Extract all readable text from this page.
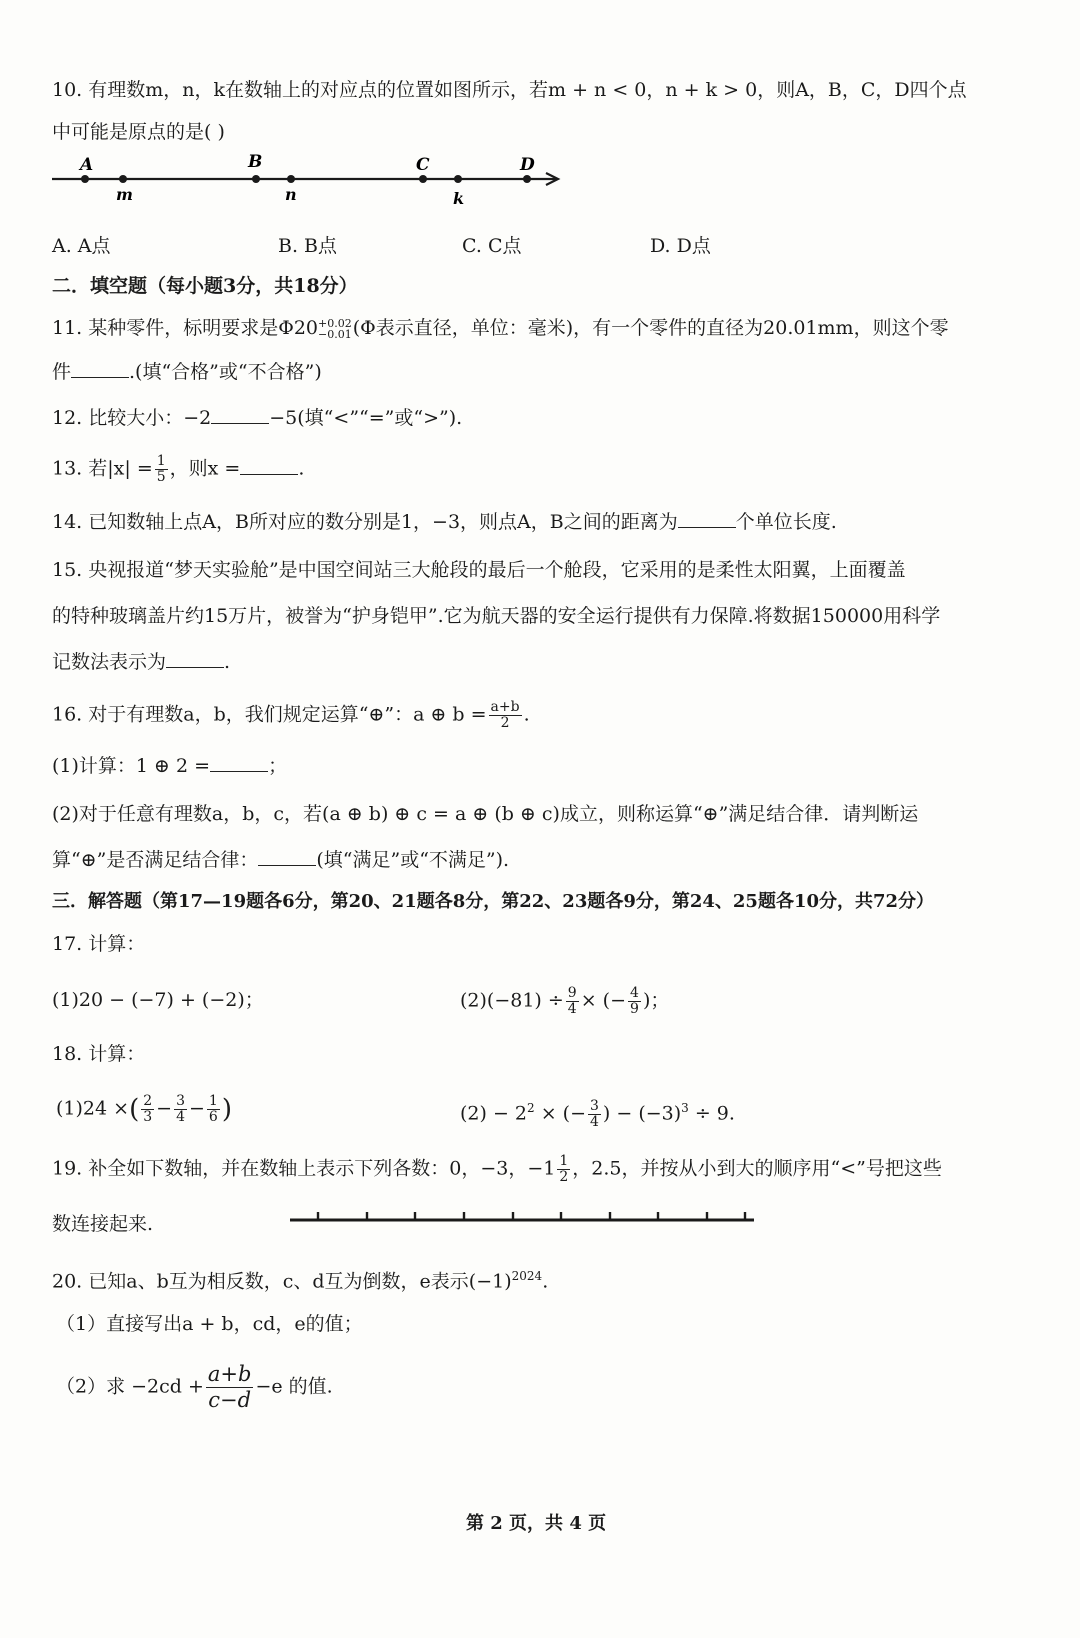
10. 有理数m，n，k在数轴上的对应点的位置如图所示，若m + n < 0，n + k > 0，则A，B，C，D四个点
中可能是原点的是( )
A	B	C	D
m	n	k
A. A点	B. B点	C. C点	D. D点
二．填空题（每小题3分，共18分）
11. 某种零件，标明要求是Φ20 +0.02
−0.01 (Φ表示直径，单位：毫米)，有一个零件的直径为20.01mm，则这个零
件	.(填“合格”或“不合格”)
12. 比较大小：−2	−5(填“<”“=”或“>”).
13. 若$|x| = \frac{1}{5}$ ，则x =	.
14. 已知数轴上点A，B所对应的数分别是1，−3，则点A，B之间的距离为	个单位长度.
15. 央视报道“梦天实验舱”是中国空间站三大舱段的最后一个舱段，它采用的是柔性太阳翼，上面覆盖
的特种玻璃盖片约15万片，被誉为“护身铠甲”.它为航天器的安全运行提供有力保障.将数据150000用科学
记数法表示为	.
16. 对于有理数a，b，我们规定运算“⊕”：a ⊕ $b = \frac{a+b}{2}$ .
(1)计算：1 ⊕ 2 =	；
(2)对于任意有理数a，b，c，若(a ⊕ b) ⊕ c = a ⊕ (b ⊕ c)成立，则称运算“⊕”满足结合律．请判断运
算“⊕”是否满足结合律：	(填“满足”或“不满足”).
三．解答题（第17—19题各6分，第20、21题各8分，第22、23题各9分，第24、25题各10分，共72分）
17. 计算：
(1)20 − (−7) + (−2)；	$(2)(-81) \div \frac{9}{4}$ × (− $\frac{4}{9}$ )；
18. 计算：
(1)24 ×( $\frac{2}{3} - \frac{3}{4} - \frac{1}{6}$ )	$(2) - 2^2$ × (− $\frac{3}{4}$ ) − $(-3)^3 \div 9$.
19. 补全如下数轴，并在数轴上表示下列各数：0，−3，$-1 \frac{1}{2}$ ，2.5，并按从小到大的顺序用“<”号把这些
数连接起来.
20. 已知a、b互为相反数，c、d互为倒数，e表示$(-1)^{2024}$.
（1）直接写出a + b，cd，e的值；
（2）求 $-2cd + \frac{a+b}{c-d} -e$ 的值.
第 2 页，共 4 页
